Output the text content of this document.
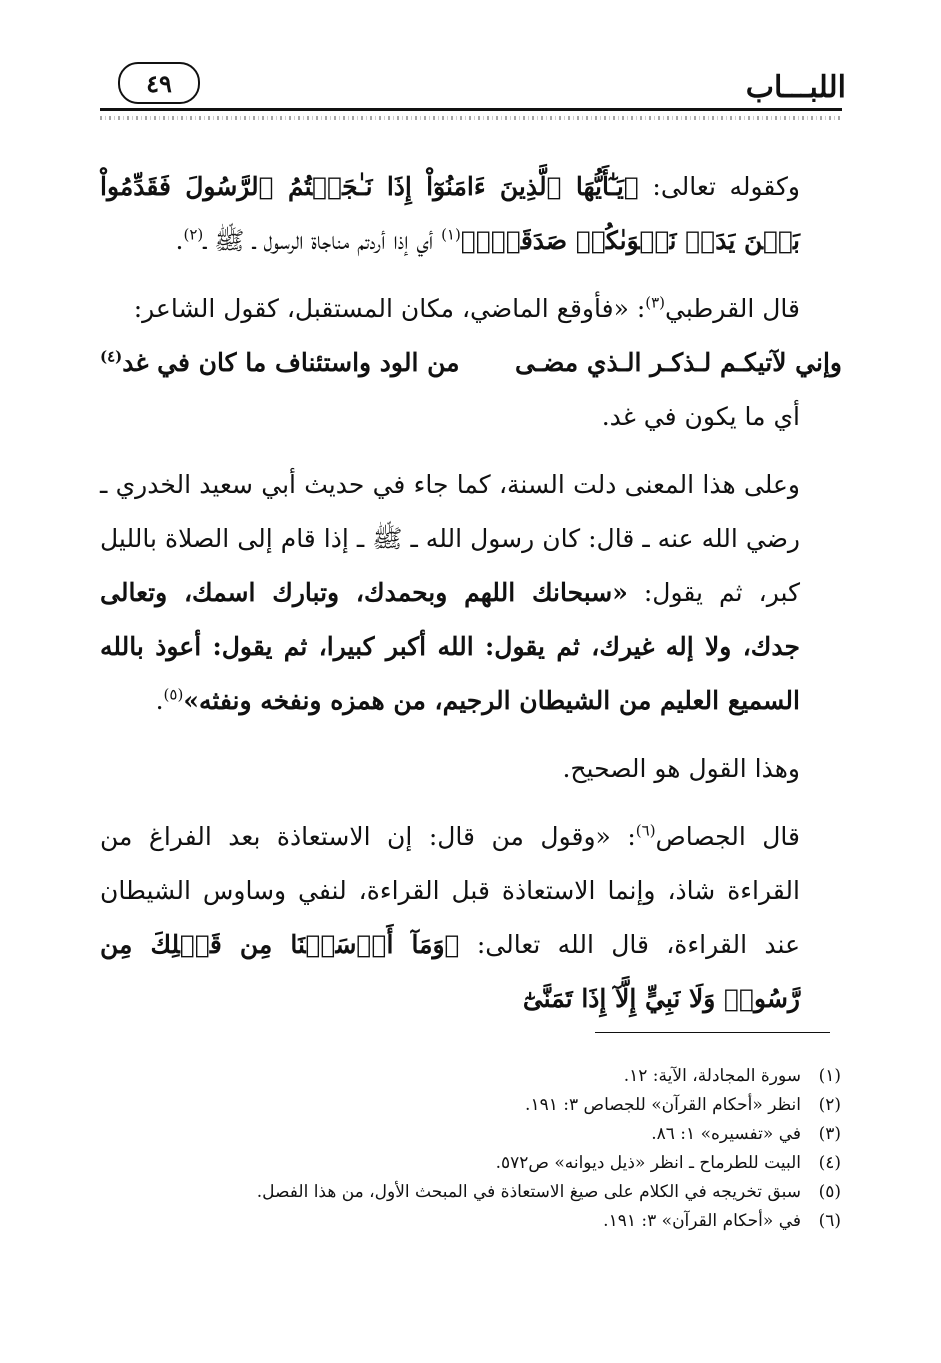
اللبـــاب
٤٩

وكقوله تعالى: ﴿يَـٰٓأَيُّهَا ٱلَّذِينَ ءَامَنُوٓاْ إِذَا نَـٰجَيۡتُمُ ٱلرَّسُولَ فَقَدِّمُواْ بَيۡنَ يَدَيۡ نَجۡوَىٰكُمۡ صَدَقَةٗۚ﴾$^{(١)}$ أي إذا أردتم مناجاة الرسول ـ ﷺ ـ$^{(٢)}$.

قال القرطبي$^{(٣)}$: «فأوقع الماضي، مكان المستقبل، كقول الشاعر:

وإني لآتيكـم لـذكـر الـذي مضـى
من الود واستئناف ما كان في غد$^{(٤)}$

أي ما يكون في غد.

وعلى هذا المعنى دلت السنة، كما جاء في حديث أبي سعيد الخدري ـ رضي الله عنه ـ قال: كان رسول الله ـ ﷺ ـ إذا قام إلى الصلاة بالليل كبر، ثم يقول: «سبحانك اللهم وبحمدك، وتبارك اسمك، وتعالى جدك، ولا إله غيرك، ثم يقول: الله أكبر كبيرا، ثم يقول: أعوذ بالله السميع العليم من الشيطان الرجيم، من همزه ونفخه ونفثه»$^{(٥)}$.

وهذا القول هو الصحيح.

قال الجصاص$^{(٦)}$: «وقول من قال: إن الاستعاذة بعد الفراغ من القراءة شاذ، وإنما الاستعاذة قبل القراءة، لنفي وساوس الشيطان عند القراءة، قال الله تعالى: ﴿وَمَآ أَرۡسَلۡنَا مِن قَبۡلِكَ مِن رَّسُولٖ وَلَا نَبِيٍّ إِلَّآ إِذَا تَمَنَّىٰٓ

(١)سورة المجادلة، الآية: ١٢.

(٢)انظر «أحكام القرآن» للجصاص ٣: ١٩١.

(٣)في «تفسيره» ١: ٨٦.

(٤)البيت للطرماح ـ انظر «ذيل ديوانه» ص٥٧٢.

(٥)سبق تخريجه في الكلام على صيغ الاستعاذة في المبحث الأول، من هذا الفصل.

(٦)في «أحكام القرآن» ٣: ١٩١.
